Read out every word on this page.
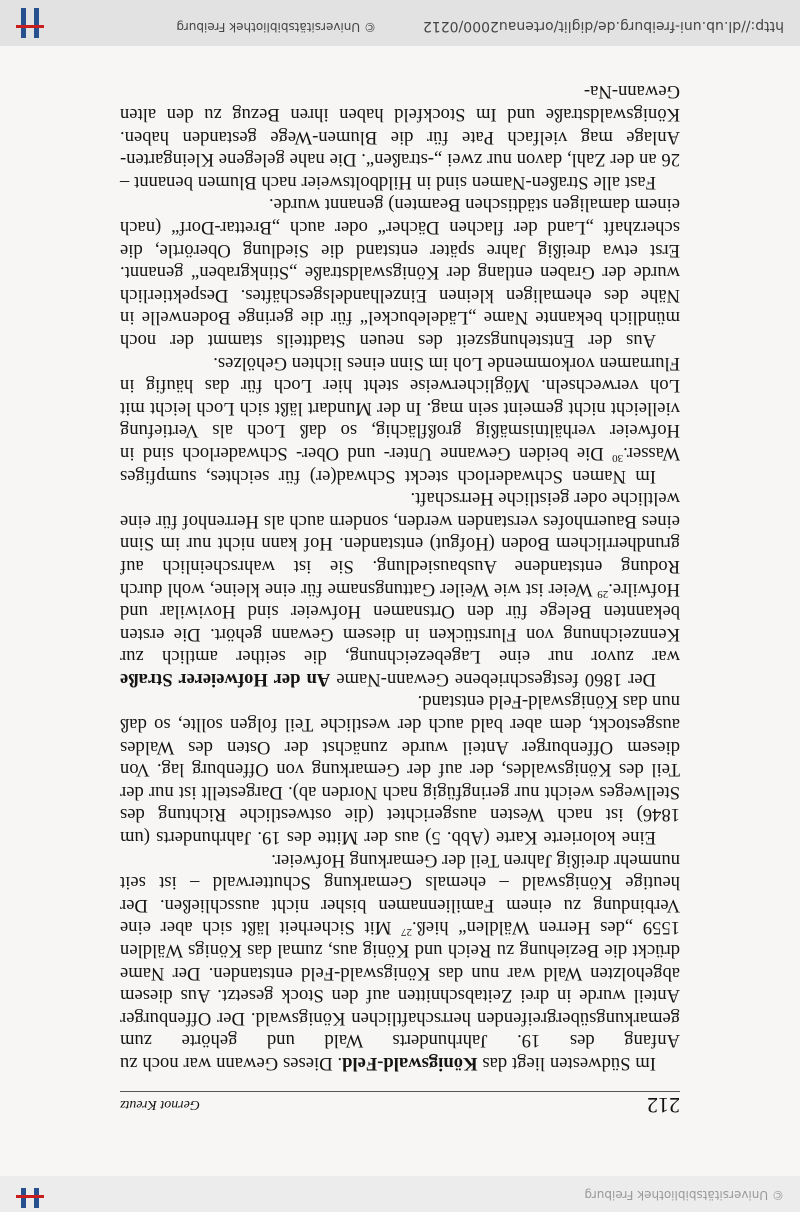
© Universitätsbibliothek Freiburg
212
Gernot Kreutz

Im Südwesten liegt das Königswald-Feld. Dieses Gewann war noch zu Anfang des 19. Jahrhunderts Wald und gehörte zum gemarkungsübergreifenden herrschaftlichen Königswald. Der Offenburger Anteil wurde in drei Zeitabschnitten auf den Stock gesetzt. Aus diesem abgeholzten Wald war nun das Königswald-Feld entstanden. Der Name drückt die Beziehung zu Reich und König aus, zumal das Königs Wäldlen 1559 „des Herren Wäldlen“ hieß.$^{27}$ Mit Sicherheit läßt sich aber eine Verbindung zu einem Familiennamen bisher nicht ausschließen. Der heutige Königswald – ehemals Gemarkung Schutterwald – ist seit nunmehr dreißig Jahren Teil der Gemarkung Hofweier.

Eine kolorierte Karte (Abb. 5) aus der Mitte des 19. Jahrhunderts (um 1846) ist nach Westen ausgerichtet (die ostwestliche Richtung des Stellweges weicht nur geringfügig nach Norden ab). Dargestellt ist nur der Teil des Königswaldes, der auf der Gemarkung von Offenburg lag. Von diesem Offenburger Anteil wurde zunächst der Osten des Waldes ausgestockt, dem aber bald auch der westliche Teil folgen sollte, so daß nun das Königswald-Feld entstand.

Der 1860 festgeschriebene Gewann-Name An der Hofweierer Straße war zuvor nur eine Lagebezeichnung, die seither amtlich zur Kennzeichnung von Flurstücken in diesem Gewann gehört. Die ersten bekannten Belege für den Ortsnamen Hofweier sind Hoviwilar und Hofwilre.$^{29}$ Weier ist wie Weiler Gattungsname für eine kleine, wohl durch Rodung entstandene Ausbausiedlung. Sie ist wahrscheinlich auf grundherrlichem Boden (Hofgut) entstanden. Hof kann nicht nur im Sinn eines Bauernhofes verstanden werden, sondern auch als Herrenhof für eine weltliche oder geistliche Herrschaft.

Im Namen Schwaderloch steckt Schwad(er) für seichtes, sumpfiges Wasser.$^{30}$ Die beiden Gewanne Unter- und Ober- Schwaderloch sind in Hofweier verhältnismäßig großflächig, so daß Loch als Vertiefung vielleicht nicht gemeint sein mag. In der Mundart läßt sich Loch leicht mit Loh verwechseln. Möglicherweise steht hier Loch für das häufig in Flurnamen vorkommende Loh im Sinn eines lichten Gehölzes.

Aus der Entstehungszeit des neuen Stadtteils stammt der noch mündlich bekannte Name „Lädelebuckel“ für die geringe Bodenwelle in Nähe des ehemaligen kleinen Einzelhandelsgeschäftes. Despektierlich wurde der Graben entlang der Königswaldstraße „Stinkgraben“ genannt. Erst etwa dreißig Jahre später entstand die Siedlung Oberörtle, die scherzhaft „Land der flachen Dächer“ oder auch „Brettar-Dorf“ (nach einem damaligen städtischen Beamten) genannt wurde.

Fast alle Straßen-Namen sind in Hildboltsweier nach Blumen benannt – 26 an der Zahl, davon nur zwei „-straßen“. Die nahe gelegene Kleingarten-Anlage mag vielfach Pate für die Blumen-Wege gestanden haben. Königswaldstraße und Im Stockfeld haben ihren Bezug zu den alten Gewann-Na-

http://dl.ub.uni-freiburg.de/diglit/ortenau2000/0212
© Universitätsbibliothek Freiburg
